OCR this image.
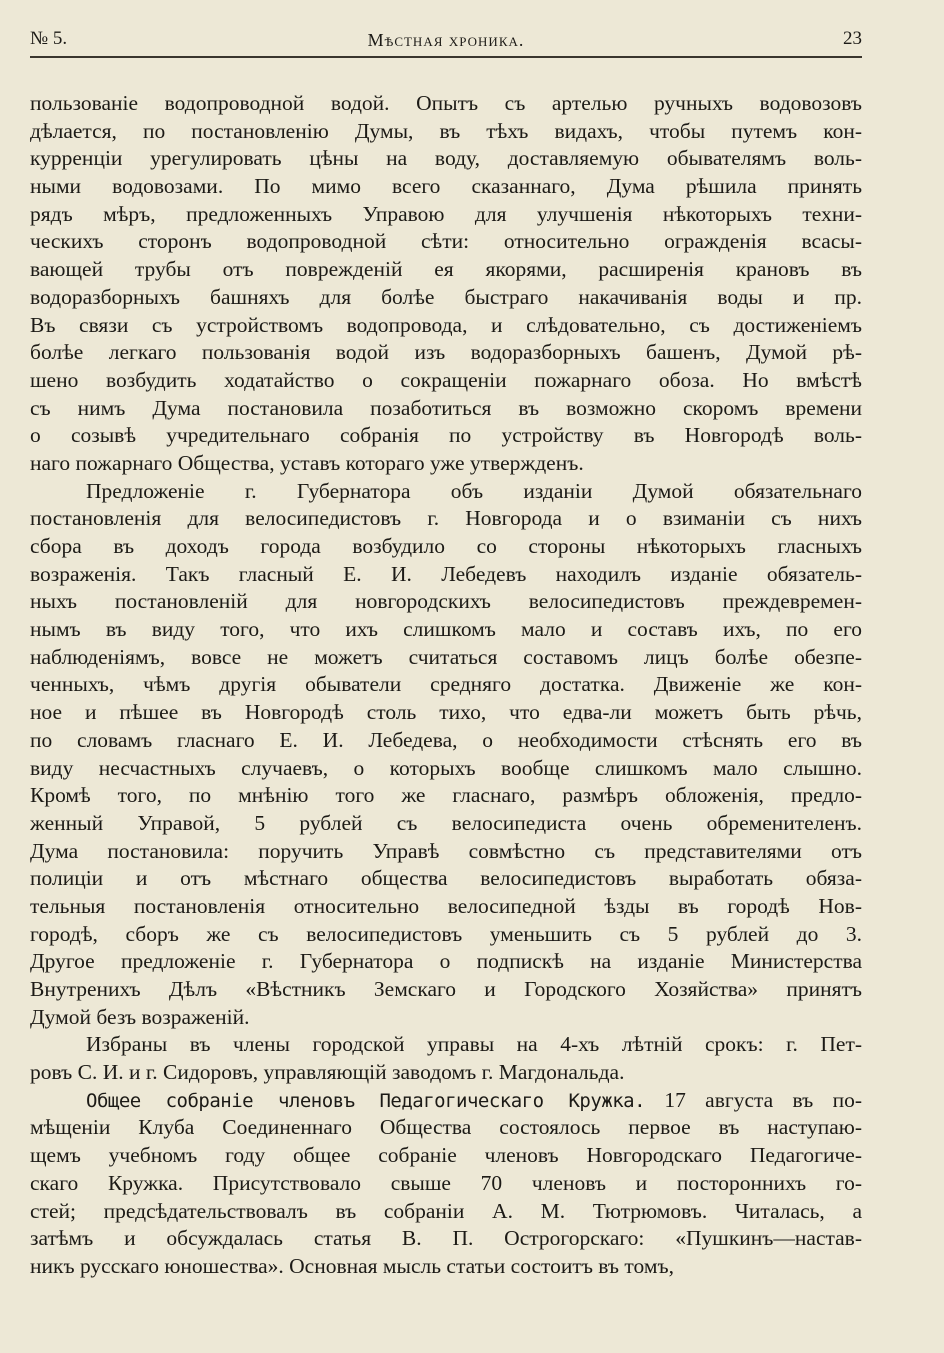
№ 5.	Мѣстная хроника.	23
пользованіе водопроводной водой. Опытъ съ артелью ручныхъ водовозовъ
дѣлается, по постановленію Думы, въ тѣхъ видахъ, чтобы путемъ кон-
курренціи урегулировать цѣны на воду, доставляемую обывателямъ воль-
ными водовозами. По мимо всего сказаннаго, Дума рѣшила принять
рядъ мѣръ, предложенныхъ Управою для улучшенія нѣкоторыхъ техни-
ческихъ сторонъ водопроводной сѣти: относительно огражденія всасы-
вающей трубы отъ поврежденій ея якорями, расширенія крановъ въ
водоразборныхъ башняхъ для болѣе быстраго накачиванія воды и пр.
Въ связи съ устройствомъ водопровода, и слѣдовательно, съ достиженіемъ
болѣе легкаго пользованія водой изъ водоразборныхъ башенъ, Думой рѣ-
шено возбудить ходатайство о сокращеніи пожарнаго обоза. Но вмѣстѣ
съ нимъ Дума постановила позаботиться въ возможно скоромъ времени
о созывѣ учредительнаго собранія по устройству въ Новгородѣ воль-
наго пожарнаго Общества, уставъ котораго уже утвержденъ.
Предложеніе г. Губернатора объ изданіи Думой обязательнаго
постановленія для велосипедистовъ г. Новгорода и о взиманіи съ нихъ
сбора въ доходъ города возбудило со стороны нѣкоторыхъ гласныхъ
возраженія. Такъ гласный Е. И. Лебедевъ находилъ изданіе обязатель-
ныхъ постановленій для новгородскихъ велосипедистовъ преждевремен-
нымъ въ виду того, что ихъ слишкомъ мало и составъ ихъ, по его
наблюденіямъ, вовсе не можетъ считаться составомъ лицъ болѣе обезпе-
ченныхъ, чѣмъ другія обыватели средняго достатка. Движеніе же кон-
ное и пѣшее въ Новгородѣ столь тихо, что едва-ли можетъ быть рѣчь,
по словамъ гласнаго Е. И. Лебедева, о необходимости стѣснять его въ
виду несчастныхъ случаевъ, о которыхъ вообще слишкомъ мало слышно.
Кромѣ того, по мнѣнію того же гласнаго, размѣръ обложенія, предло-
женный Управой, 5 рублей съ велосипедиста очень обременителенъ.
Дума постановила: поручить Управѣ совмѣстно съ представителями отъ
полиціи и отъ мѣстнаго общества велосипедистовъ выработать обяза-
тельныя постановленія относительно велосипедной ѣзды въ городѣ Нов-
городѣ, сборъ же съ велосипедистовъ уменьшить съ 5 рублей до 3.
Другое предложеніе г. Губернатора о подпискѣ на изданіе Министерства
Внутренихъ Дѣлъ «Вѣстникъ Земскаго и Городского Хозяйства» принятъ
Думой безъ возраженій.
Избраны въ члены городской управы на 4-хъ лѣтній срокъ: г. Пет-
ровъ С. И. и г. Сидоровъ, управляющій заводомъ г. Магдональда.
Общее собраніе членовъ Педагогическаго Кружка. 17 августа въ по-
мѣщеніи Клуба Соединеннаго Общества состоялось первое въ наступаю-
щемъ учебномъ году общее собраніе членовъ Новгородскаго Педагогиче-
скаго Кружка. Присутствовало свыше 70 членовъ и постороннихъ го-
стей; предсѣдательствовалъ въ собраніи А. М. Тютрюмовъ. Читалась, а
затѣмъ и обсуждалась статья В. П. Острогорскаго: «Пушкинъ—настав-
никъ русскаго юношества». Основная мысль статьи состоитъ въ томъ,
